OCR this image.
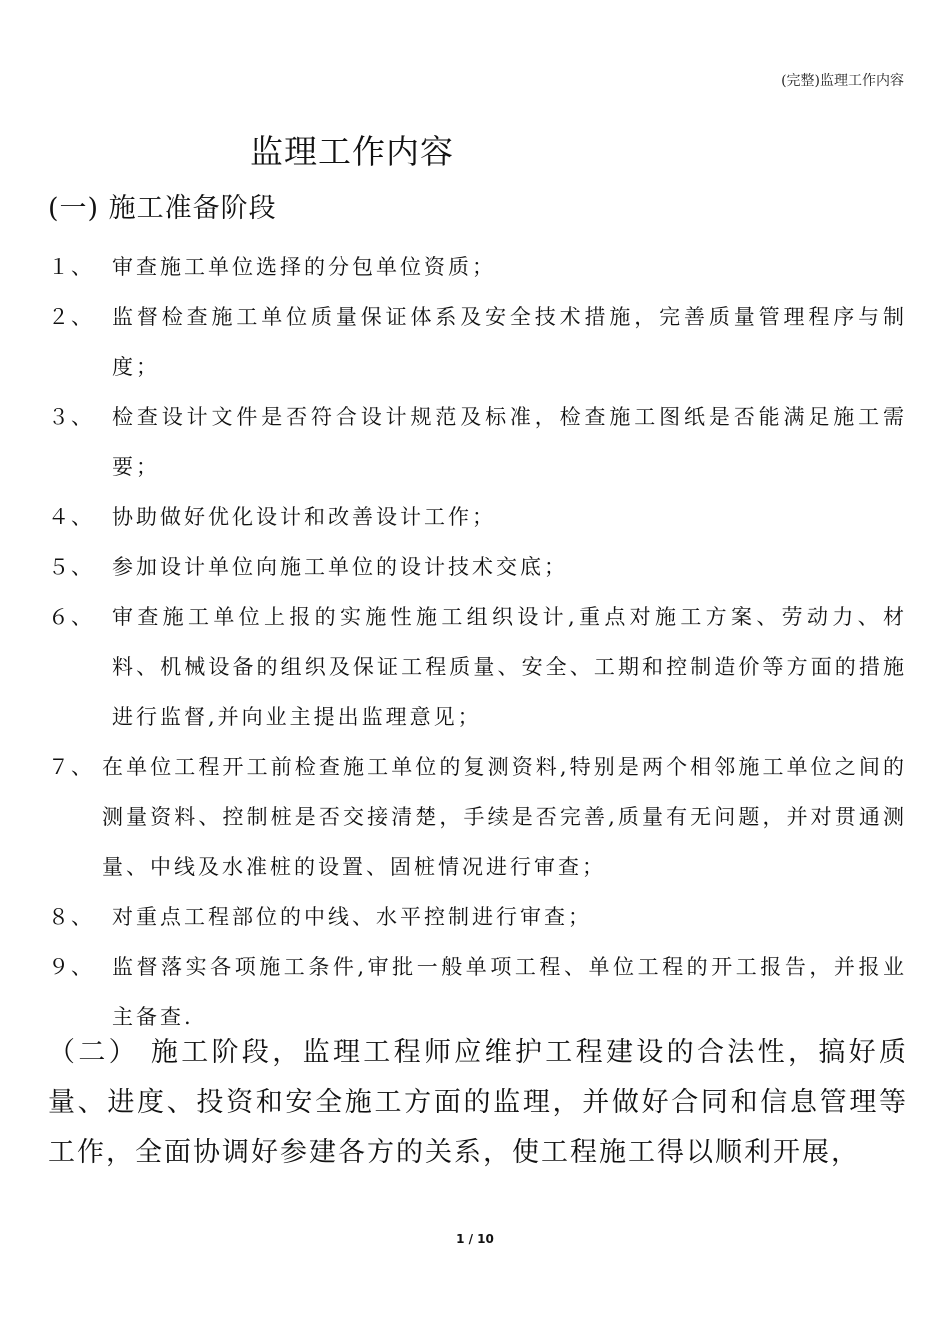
(完整)监理工作内容
监理工作内容
(一) 施工准备阶段
１、 审查施工单位选择的分包单位资质；
２、 监督检查施工单位质量保证体系及安全技术措施，完善质量管理程序与制度；
３、 检查设计文件是否符合设计规范及标准，检查施工图纸是否能满足施工需要；
４、 协助做好优化设计和改善设计工作；
５、 参加设计单位向施工单位的设计技术交底；
６、 审查施工单位上报的实施性施工组织设计,重点对施工方案、劳动力、材料、机械设备的组织及保证工程质量、安全、工期和控制造价等方面的措施进行监督,并向业主提出监理意见；
７、 在单位工程开工前检查施工单位的复测资料,特别是两个相邻施工单位之间的测量资料、控制桩是否交接清楚，手续是否完善,质量有无问题，并对贯通测量、中线及水准桩的设置、固桩情况进行审查；
８、 对重点工程部位的中线、水平控制进行审查；
９、 监督落实各项施工条件,审批一般单项工程、单位工程的开工报告，并报业主备查.

（二） 施工阶段，监理工程师应维护工程建设的合法性，搞好质量、进度、投资和安全施工方面的监理，并做好合同和信息管理等工作，全面协调好参建各方的关系，使工程施工得以顺利开展，

1 / 10
